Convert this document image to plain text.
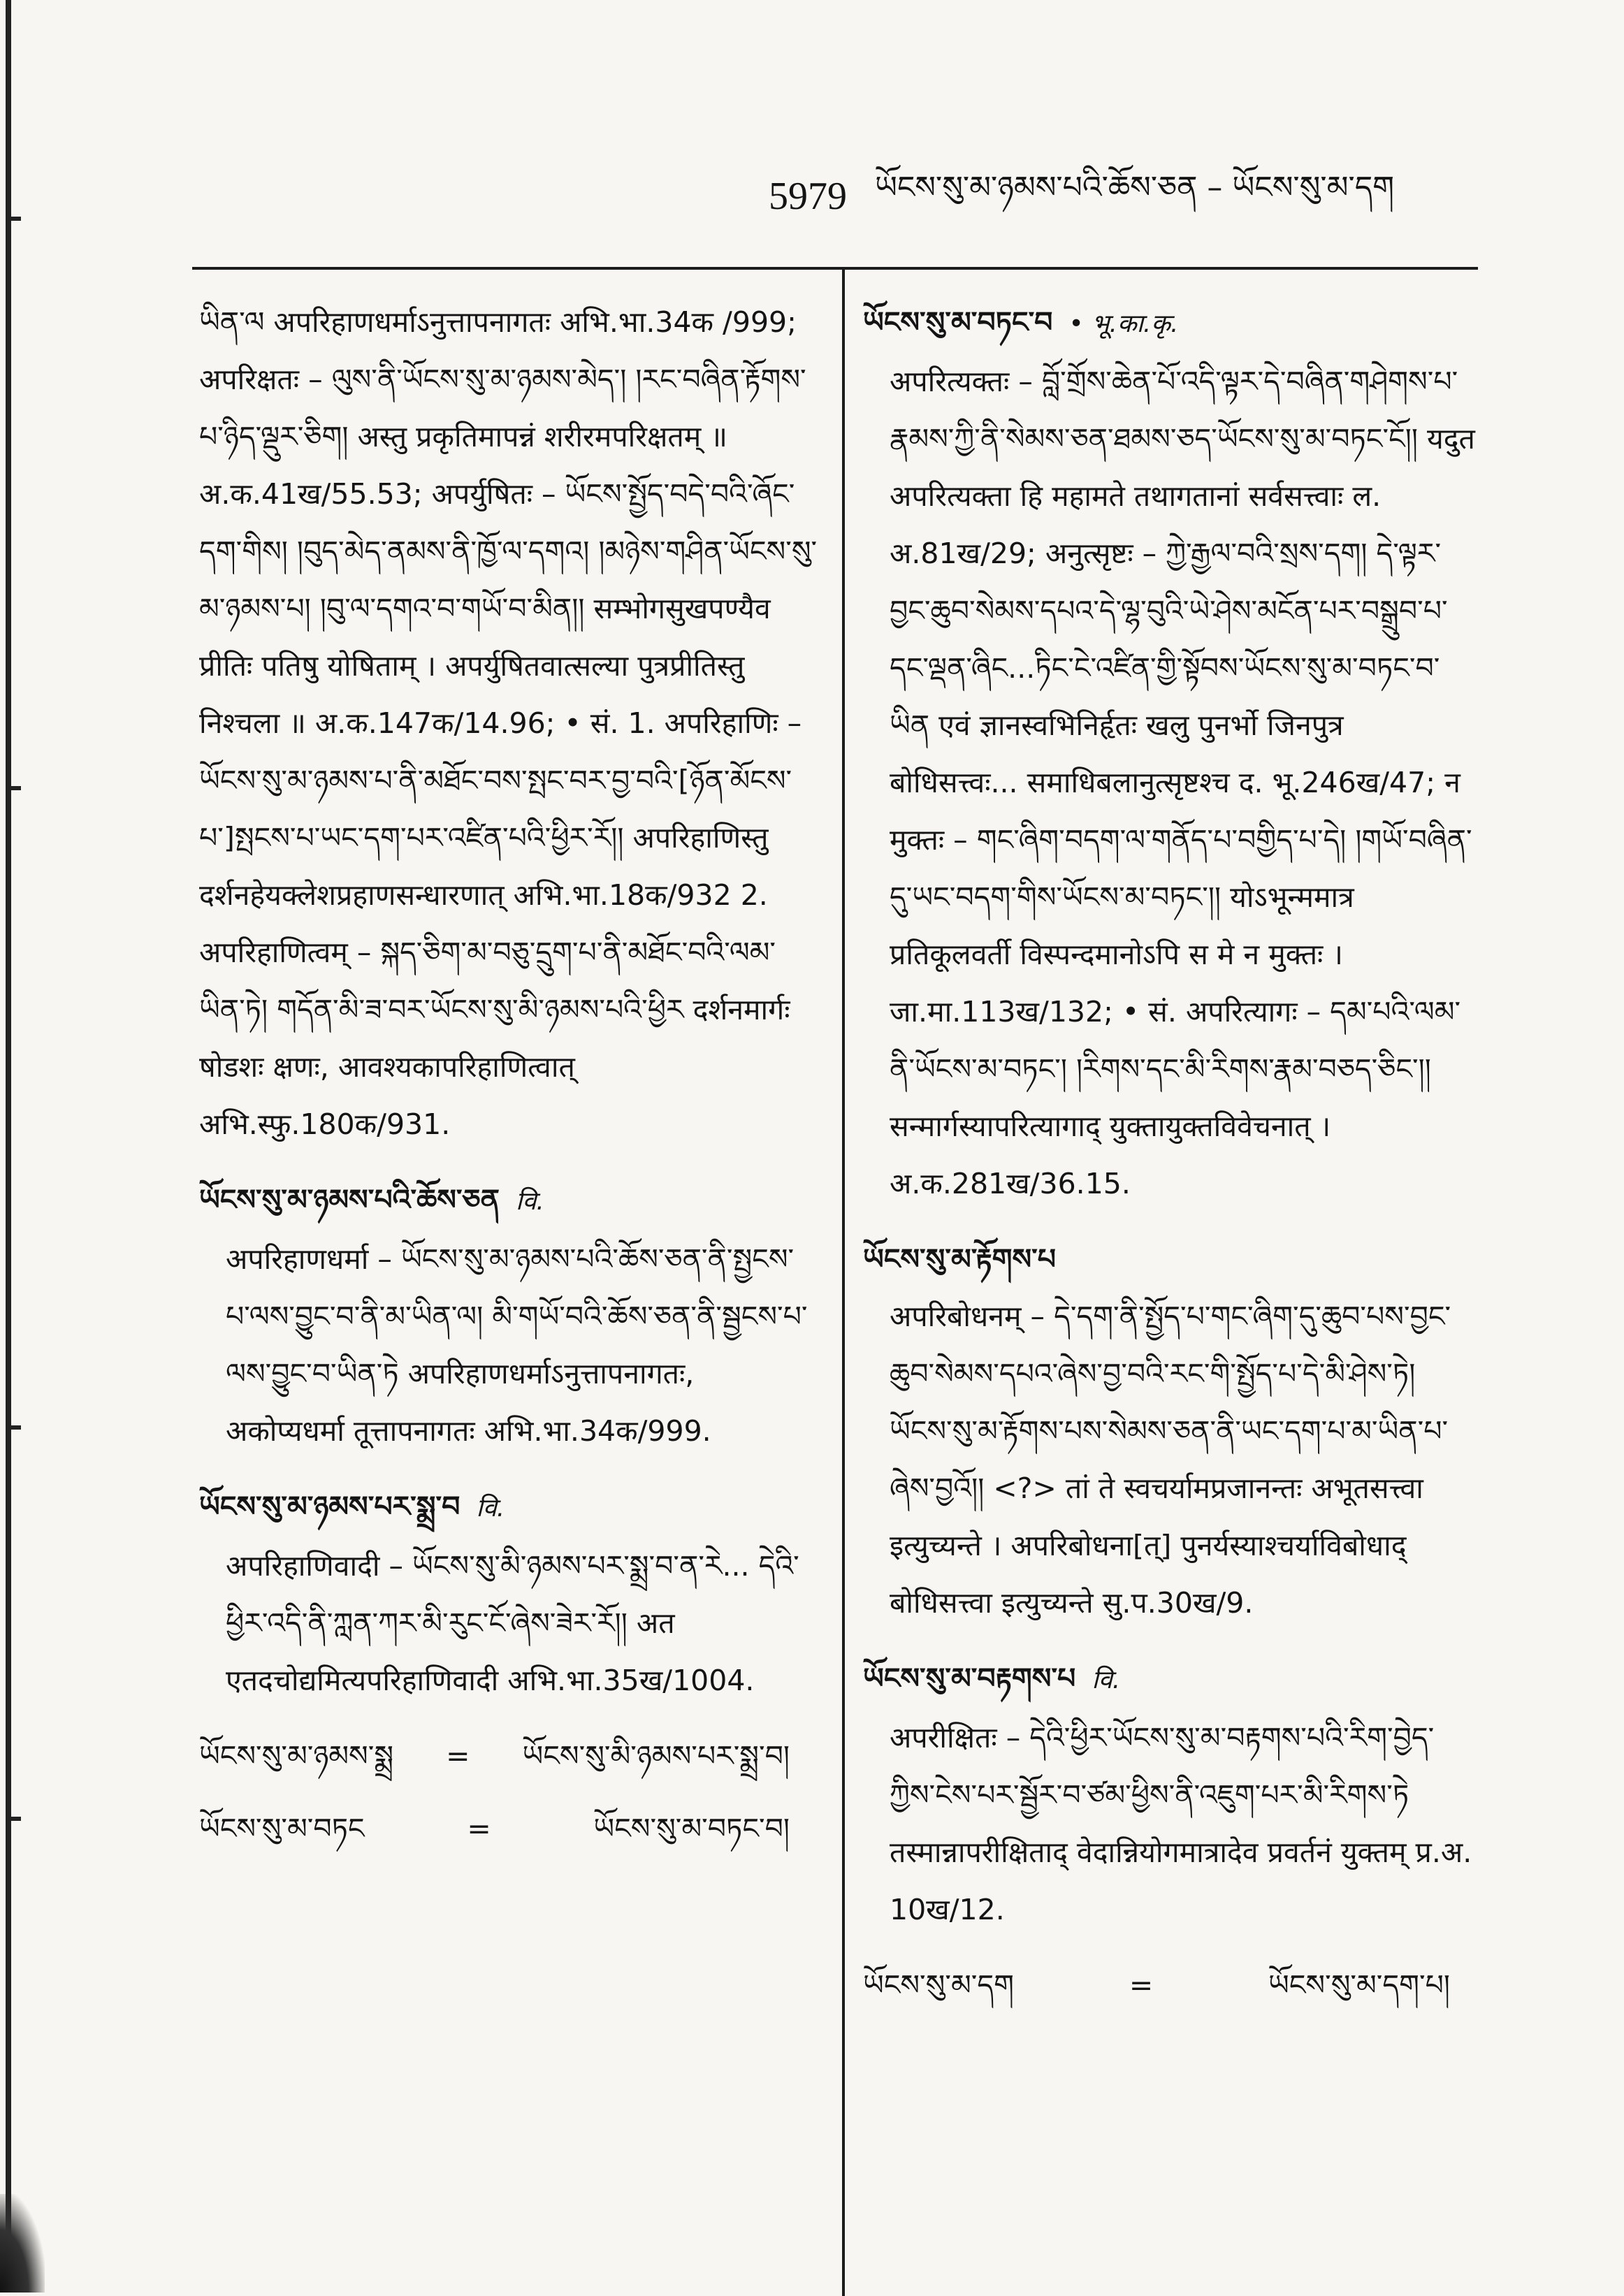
5979 ཡོངས་སུ་མ་ཉམས་པའི་ཆོས་ཅན – ཡོངས་སུ་མ་དག
ཡིན་ལ अपरिहाणधर्माऽनुत्तापनागतः अभि.भा.34क /999; अपरिक्षतः – ལུས་ནི་ཡོངས་སུ་མ་ཉམས་མེད་། །རང་བཞིན་རྟོགས་པ་ཉིད་ལྡུར་ཅིག། अस्तु प्रकृतिमापन्नं शरीरमपरिक्षतम् ॥ अ.क.41ख/55.53; अपर्युषितः – ཡོངས་སྤྱོད་བདེ་བའི་ཞོང་དག་གིས། །བུད་མེད་ནམས་ནི་ཁྱོ་ལ་དགའ། །མཉེས་གཤིན་ཡོངས་སུ་མ་ཉམས་པ། །བུ་ལ་དགའ་བ་གཡོ་བ་མིན།། सम्भोगसुखपण्यैव प्रीतिः पतिषु योषिताम् । अपर्युषितवात्सल्या पुत्रप्रीतिस्तु निश्चला ॥ अ.क.147क/14.96; • सं. 1. अपरिहाणिः – ཡོངས་སུ་མ་ཉམས་པ་ནི་མཐོང་བས་སྤང་བར་བྱ་བའི་[ཉོན་མོངས་པ་]སྤངས་པ་ཡང་དག་པར་འཛིན་པའི་ཕྱིར་རོ།། अपरिहाणिस्तु दर्शनहेयक्लेशप्रहाणसन्धारणात् अभि.भा.18क/932 2. अपरिहाणित्वम् – སྐད་ཅིག་མ་བཅུ་དྲུག་པ་ནི་མཐོང་བའི་ལམ་ཡིན་ཏེ། གདོན་མི་ཟ་བར་ཡོངས་སུ་མི་ཉམས་པའི་ཕྱིར दर्शनमार्गः षोडशः क्षणः, आवश्यकापरिहाणित्वात् अभि.स्फु.180क/931.
ཡོངས་སུ་མ་ཉམས་པའི་ཆོས་ཅན वि.
अपरिहाणधर्मा – ཡོངས་སུ་མ་ཉམས་པའི་ཆོས་ཅན་ནི་སྤྱངས་པ་ལས་བྱུང་བ་ནི་མ་ཡིན་ལ། མི་གཡོ་བའི་ཆོས་ཅན་ནི་སྦྱངས་པ་ལས་བྱུང་བ་ཡིན་ཏེ अपरिहाणधर्माऽनुत्तापनागतः, अकोप्यधर्मा तूत्तापनागतः अभि.भा.34क/999.
ཡོངས་སུ་མ་ཉམས་པར་སྨྲ་བ वि.
अपरिहाणिवादी – ཡོངས་སུ་མི་ཉམས་པར་སྨྲ་བ་ན་རེ... དེའི་ཕྱིར་འདི་ནི་ཀླན་ཀར་མི་རུང་ངོ་ཞེས་ཟེར་རོ།། अत एतदचोद्यमित्यपरिहाणिवादी अभि.भा.35ख/1004.
ཡོངས་སུ་མ་ཉམས་སྨྲ	=	ཡོངས་སུ་མི་ཉམས་པར་སྨྲ་བ།
ཡོངས་སུ་མ་བཏང	=	ཡོངས་སུ་མ་བཏང་བ།
ཡོངས་སུ་མ་བཏང་བ • भू.का.कृ.
अपरित्यक्तः – བློ་གྲོས་ཆེན་པོ་འདི་ལྟར་དེ་བཞིན་གཤེགས་པ་རྣམས་ཀྱི་ནི་སེམས་ཅན་ཐམས་ཅད་ཡོངས་སུ་མ་བཏང་ངོ།། यदुत अपरित्यक्ता हि महामते तथागतानां सर्वसत्त्वाः ल. अ.81ख/29; अनुत्सृष्टः – ཀྱེ་རྒྱལ་བའི་སྲས་དག། དེ་ལྟར་བྱང་ཆུབ་སེམས་དཔའ་དེ་ལྷ་བུའི་ཡེ་ཤེས་མངོན་པར་བསྒྲུབ་པ་དང་ལྡན་ཞིང...ཏིང་ངེ་འཛིན་གྱི་སྟོབས་ཡོངས་སུ་མ་བཏང་བ་ཡིན एवं ज्ञानस्वभिनिर्हृतः खलु पुनर्भो जिनपुत्र बोधिसत्त्वः... समाधिबलानुत्सृष्टश्च द. भू.246ख/47; न मुक्तः – གང་ཞིག་བདག་ལ་གནོད་པ་བགྱིད་པ་དེ། །གཡོ་བཞིན་དུ་ཡང་བདག་གིས་ཡོངས་མ་བཏང་།། योऽभून्ममात्र प्रतिकूलवर्ती विस्पन्दमानोऽपि स मे न मुक्तः । जा.मा.113ख/132; • सं. अपरित्यागः – དམ་པའི་ལམ་ནི་ཡོངས་མ་བཏང་། །རིགས་དང་མི་རིགས་རྣམ་བཅད་ཅིང་།། सन्मार्गस्यापरित्यागाद् युक्तायुक्तविवेचनात् । अ.क.281ख/36.15.
ཡོངས་སུ་མ་རྟོགས་པ
अपरिबोधनम् – དེ་དག་ནི་སྤྱོད་པ་གང་ཞིག་དུ་ཆུབ་པས་བྱང་ཆུབ་སེམས་དཔའ་ཞེས་བྱ་བའི་རང་གི་སྤྱོད་པ་དེ་མི་ཤེས་ཏེ། ཡོངས་སུ་མ་རྟོགས་པས་སེམས་ཅན་ནི་ཡང་དག་པ་མ་ཡིན་པ་ཞེས་བྱའོ།། <?> तां ते स्वचर्यामप्रजानन्तः अभूतसत्त्वा इत्युच्यन्ते । अपरिबोधना[त्] पुनर्यस्याश्चर्याविबोधाद् बोधिसत्त्वा इत्युच्यन्ते सु.प.30ख/9.
ཡོངས་སུ་མ་བརྟགས་པ वि.
अपरीक्षितः – དེའི་ཕྱིར་ཡོངས་སུ་མ་བརྟགས་པའི་རིག་བྱེད་ཀྱིས་ངེས་པར་སྦྱོར་བ་ཙམ་ཕྱིས་ནི་འཇུག་པར་མི་རིགས་ཏེ तस्मान्नापरीक्षिताद् वेदान्नियोगमात्रादेव प्रवर्तनं युक्तम् प्र.अ. 10ख/12.
ཡོངས་སུ་མ་དག	=	ཡོངས་སུ་མ་དག་པ།
